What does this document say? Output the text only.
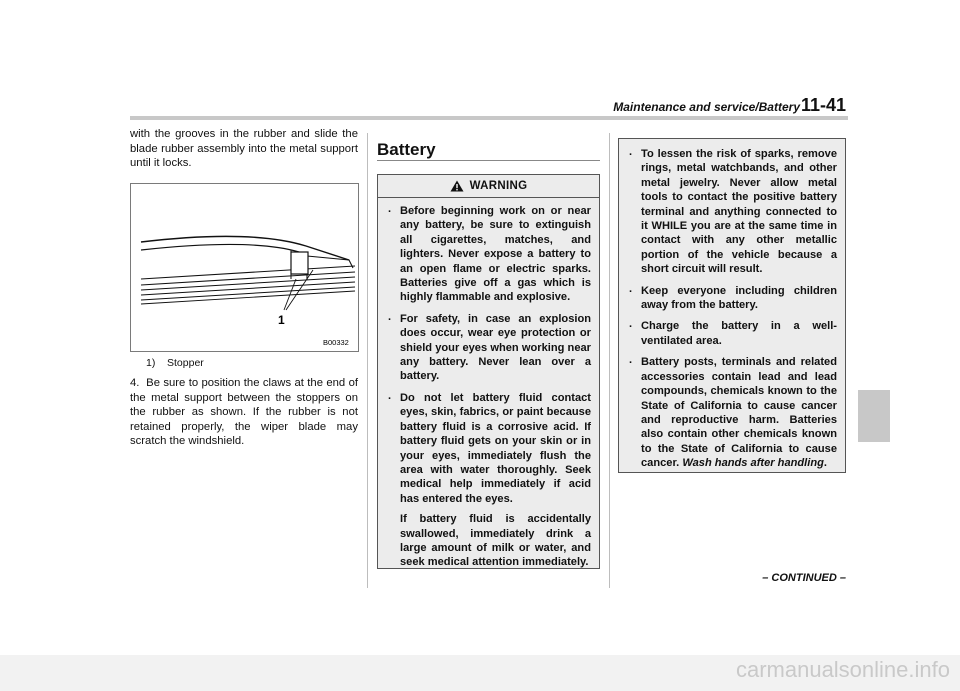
Maintenance and service/Battery 11-41

with the grooves in the rubber and slide the blade rubber assembly into the metal support until it locks.

1
B00332
1)    Stopper
4.  Be sure to position the claws at the end of the metal support between the stoppers on the rubber as shown. If the rubber is not retained properly, the wiper blade may scratch the windshield.
Battery
WARNING

. Before beginning work on or near any battery, be sure to extinguish all cigarettes, matches, and lighters. Never expose a battery to an open flame or electric sparks. Batteries give off a gas which is highly flammable and explosive.

. For safety, in case an explosion does occur, wear eye protection or shield your eyes when working near any battery. Never lean over a battery.

. Do not let battery fluid contact eyes, skin, fabrics, or paint because battery fluid is a corrosive acid. If battery fluid gets on your skin or in your eyes, immediately flush the area with water thoroughly. Seek medical help immediately if acid has entered the eyes.

If battery fluid is accidentally swallowed, immediately drink a large amount of milk or water, and seek medical attention immediately.

. To lessen the risk of sparks, remove rings, metal watchbands, and other metal jewelry. Never allow metal tools to contact the positive battery terminal and anything connected to it WHILE you are at the same time in contact with any other metallic portion of the vehicle because a short circuit will result.

. Keep everyone including children away from the battery.

. Charge the battery in a well-ventilated area.

. Battery posts, terminals and related accessories contain lead and lead compounds, chemicals known to the State of California to cause cancer and reproductive harm. Batteries also contain other chemicals known to the State of California to cause cancer. Wash hands after handling.

– CONTINUED –
carmanualsonline.info
